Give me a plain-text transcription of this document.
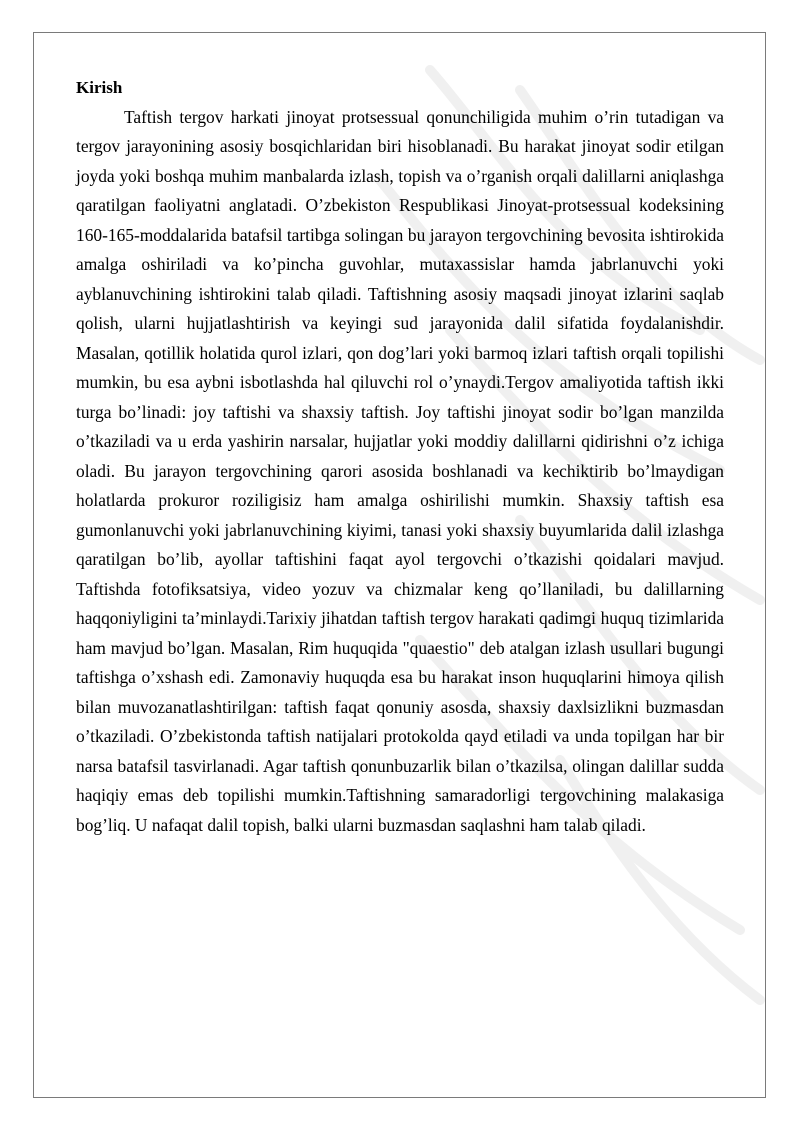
Kirish

Taftish tergov harkati jinoyat protsessual qonunchiligida muhim o’rin tutadigan va tergov jarayonining asosiy bosqichlaridan biri hisoblanadi. Bu harakat jinoyat sodir etilgan joyda yoki boshqa muhim manbalarda izlash, topish va o’rganish orqali dalillarni aniqlashga qaratilgan faoliyatni anglatadi. O’zbekiston Respublikasi Jinoyat-protsessual kodeksining 160-165-moddalarida batafsil tartibga solingan bu jarayon tergovchining bevosita ishtirokida amalga oshiriladi va ko’pincha guvohlar, mutaxassislar hamda jabrlanuvchi yoki ayblanuvchining ishtirokini talab qiladi. Taftishning asosiy maqsadi jinoyat izlarini saqlab qolish, ularni hujjatlashtirish va keyingi sud jarayonida dalil sifatida foydalanishdir. Masalan, qotillik holatida qurol izlari, qon dog’lari yoki barmoq izlari taftish orqali topilishi mumkin, bu esa aybni isbotlashda hal qiluvchi rol o’ynaydi.Tergov amaliyotida taftish ikki turga bo’linadi: joy taftishi va shaxsiy taftish. Joy taftishi jinoyat sodir bo’lgan manzilda o’tkaziladi va u erda yashirin narsalar, hujjatlar yoki moddiy dalillarni qidirishni o’z ichiga oladi. Bu jarayon tergovchining qarori asosida boshlanadi va kechiktirib bo’lmaydigan holatlarda prokuror roziligisiz ham amalga oshirilishi mumkin. Shaxsiy taftish esa gumonlanuvchi yoki jabrlanuvchining kiyimi, tanasi yoki shaxsiy buyumlarida dalil izlashga qaratilgan bo’lib, ayollar taftishini faqat ayol tergovchi o’tkazishi qoidalari mavjud. Taftishda fotofiksatsiya, video yozuv va chizmalar keng qo’llaniladi, bu dalillarning haqqoniyligini ta’minlaydi.Tarixiy jihatdan taftish tergov harakati qadimgi huquq tizimlarida ham mavjud bo’lgan. Masalan, Rim huquqida "quaestio" deb atalgan izlash usullari bugungi taftishga o’xshash edi. Zamonaviy huquqda esa bu harakat inson huquqlarini himoya qilish bilan muvozanatlashtirilgan: taftish faqat qonuniy asosda, shaxsiy daxlsizlikni buzmasdan o’tkaziladi. O’zbekistonda taftish natijalari protokolda qayd etiladi va unda topilgan har bir narsa batafsil tasvirlanadi. Agar taftish qonunbuzarlik bilan o’tkazilsa, olingan dalillar sudda haqiqiy emas deb topilishi mumkin.Taftishning samaradorligi tergovchining malakasiga bog’liq. U nafaqat dalil topish, balki ularni buzmasdan saqlashni ham talab qiladi.
